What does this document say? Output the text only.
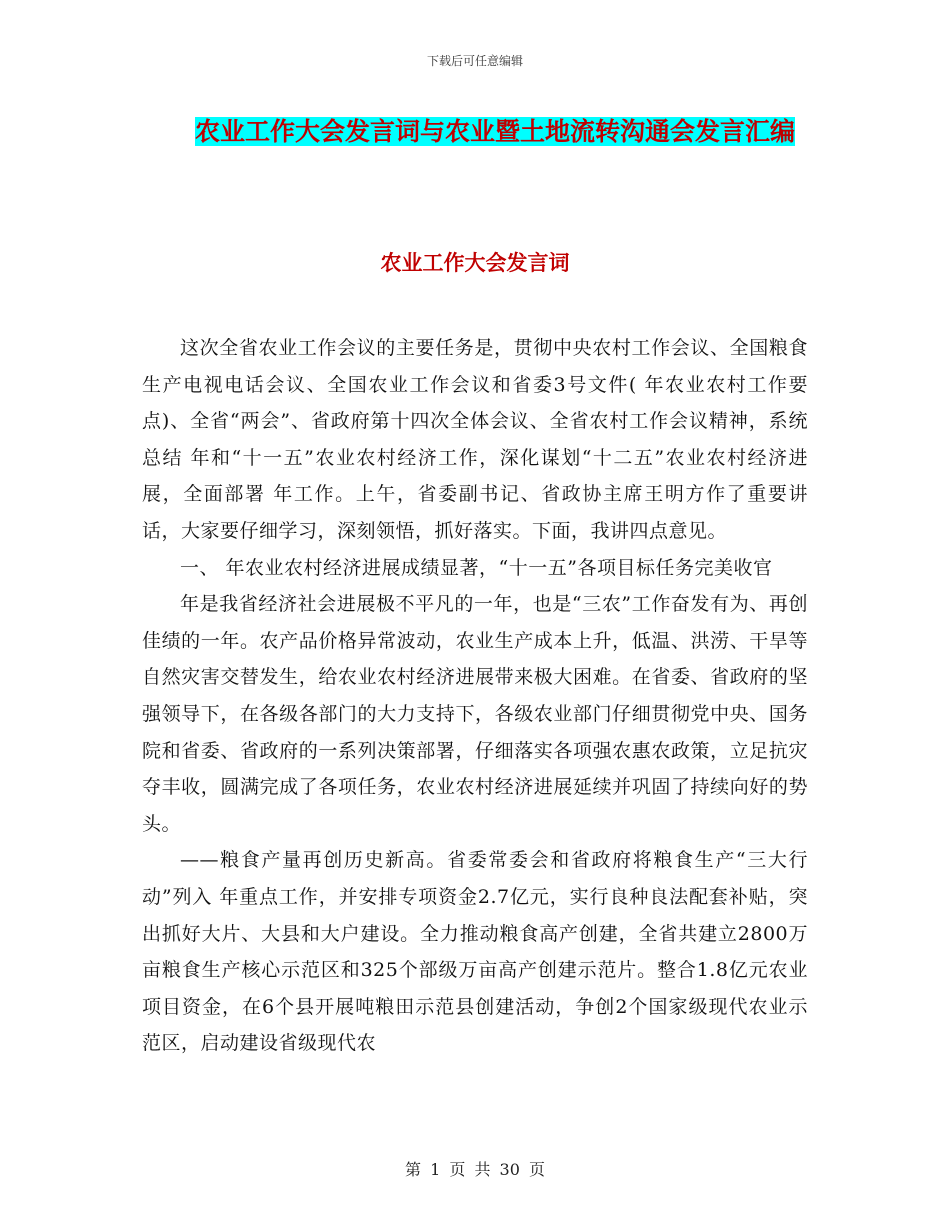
下载后可任意编辑
农业工作大会发言词与农业暨土地流转沟通会发言汇编
农业工作大会发言词

这次全省农业工作会议的主要任务是，贯彻中央农村工作会议、全国粮食生产电视电话会议、全国农业工作会议和省委3号文件( 年农业农村工作要点)、全省“两会”、省政府第十四次全体会议、全省农村工作会议精神，系统总结 年和“十一五”农业农村经济工作，深化谋划“十二五”农业农村经济进展，全面部署 年工作。上午，省委副书记、省政协主席王明方作了重要讲话，大家要仔细学习，深刻领悟，抓好落实。下面，我讲四点意见。

一、 年农业农村经济进展成绩显著，“十一五”各项目标任务完美收官

年是我省经济社会进展极不平凡的一年，也是“三农”工作奋发有为、再创佳绩的一年。农产品价格异常波动，农业生产成本上升，低温、洪涝、干旱等自然灾害交替发生，给农业农村经济进展带来极大困难。在省委、省政府的坚强领导下，在各级各部门的大力支持下，各级农业部门仔细贯彻党中央、国务院和省委、省政府的一系列决策部署，仔细落实各项强农惠农政策，立足抗灾夺丰收，圆满完成了各项任务，农业农村经济进展延续并巩固了持续向好的势头。

——粮食产量再创历史新高。省委常委会和省政府将粮食生产“三大行动”列入 年重点工作，并安排专项资金2.7亿元，实行良种良法配套补贴，突出抓好大片、大县和大户建设。全力推动粮食高产创建，全省共建立2800万亩粮食生产核心示范区和325个部级万亩高产创建示范片。整合1.8亿元农业项目资金，在6个县开展吨粮田示范县创建活动，争创2个国家级现代农业示范区，启动建设省级现代农

第 1 页 共 30 页
